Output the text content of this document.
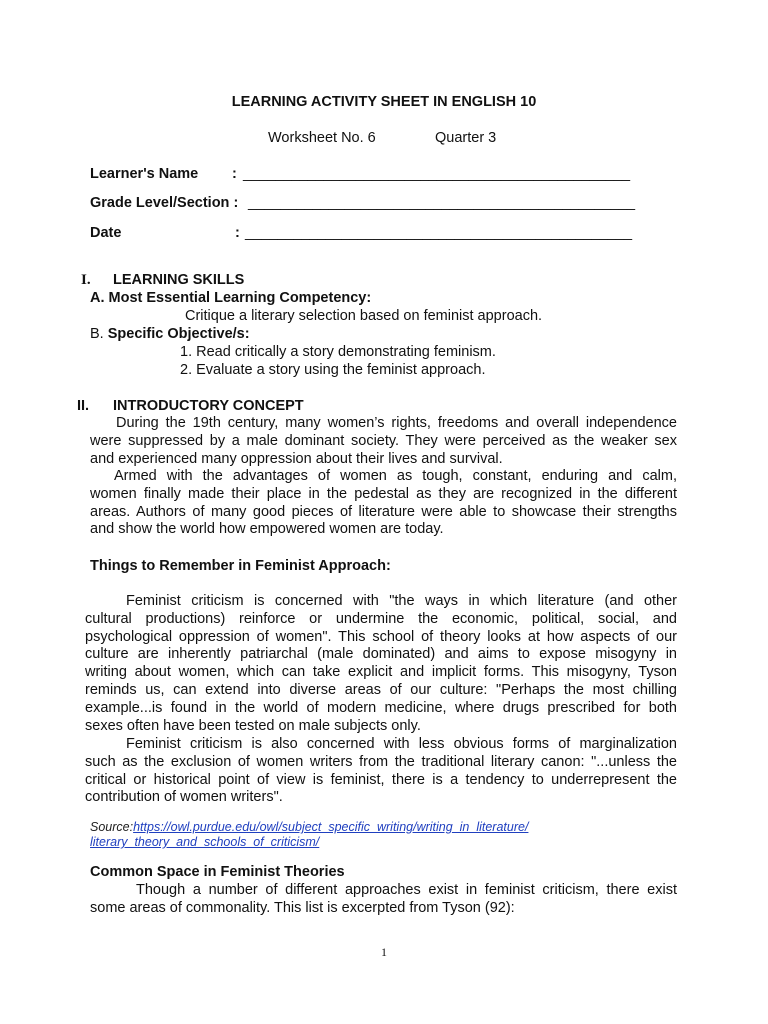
LEARNING ACTIVITY SHEET IN ENGLISH 10
Worksheet No. 6	Quarter 3
Learner's Name : ________________________________________________
Grade Level/Section : ________________________________________________
Date	: ________________________________________________
I. LEARNING SKILLS
A. Most Essential Learning Competency:
Critique a literary selection based on feminist approach.
B. Specific Objective/s:
1. Read critically a story demonstrating feminism.
2. Evaluate a story using the feminist approach.
II. INTRODUCTORY CONCEPT
During the 19th century, many women’s rights, freedoms and overall independence
were suppressed by a male dominant society. They were perceived as the weaker sex
and experienced many oppression about their lives and survival.
Armed with the advantages of women as tough, constant, enduring and calm,
women finally made their place in the pedestal as they are recognized in the different
areas. Authors of many good pieces of literature were able to showcase their strengths
and show the world how empowered women are today.
Things to Remember in Feminist Approach:
Feminist criticism is concerned with "the ways in which literature (and other
cultural productions) reinforce or undermine the economic, political, social, and
psychological oppression of women". This school of theory looks at how aspects of our
culture are inherently patriarchal (male dominated) and aims to expose misogyny in
writing about women, which can take explicit and implicit forms. This misogyny, Tyson
reminds us, can extend into diverse areas of our culture: "Perhaps the most chilling
example...is found in the world of modern medicine, where drugs prescribed for both
sexes often have been tested on male subjects only.
Feminist criticism is also concerned with less obvious forms of marginalization
such as the exclusion of women writers from the traditional literary canon: "...unless the
critical or historical point of view is feminist, there is a tendency to underrepresent the
contribution of women writers".
Source:https://owl.purdue.edu/owl/subject_specific_writing/writing_in_literature/
literary_theory_and_schools_of_criticism/
Common Space in Feminist Theories
Though a number of different approaches exist in feminist criticism, there exist
some areas of commonality. This list is excerpted from Tyson (92):
1
